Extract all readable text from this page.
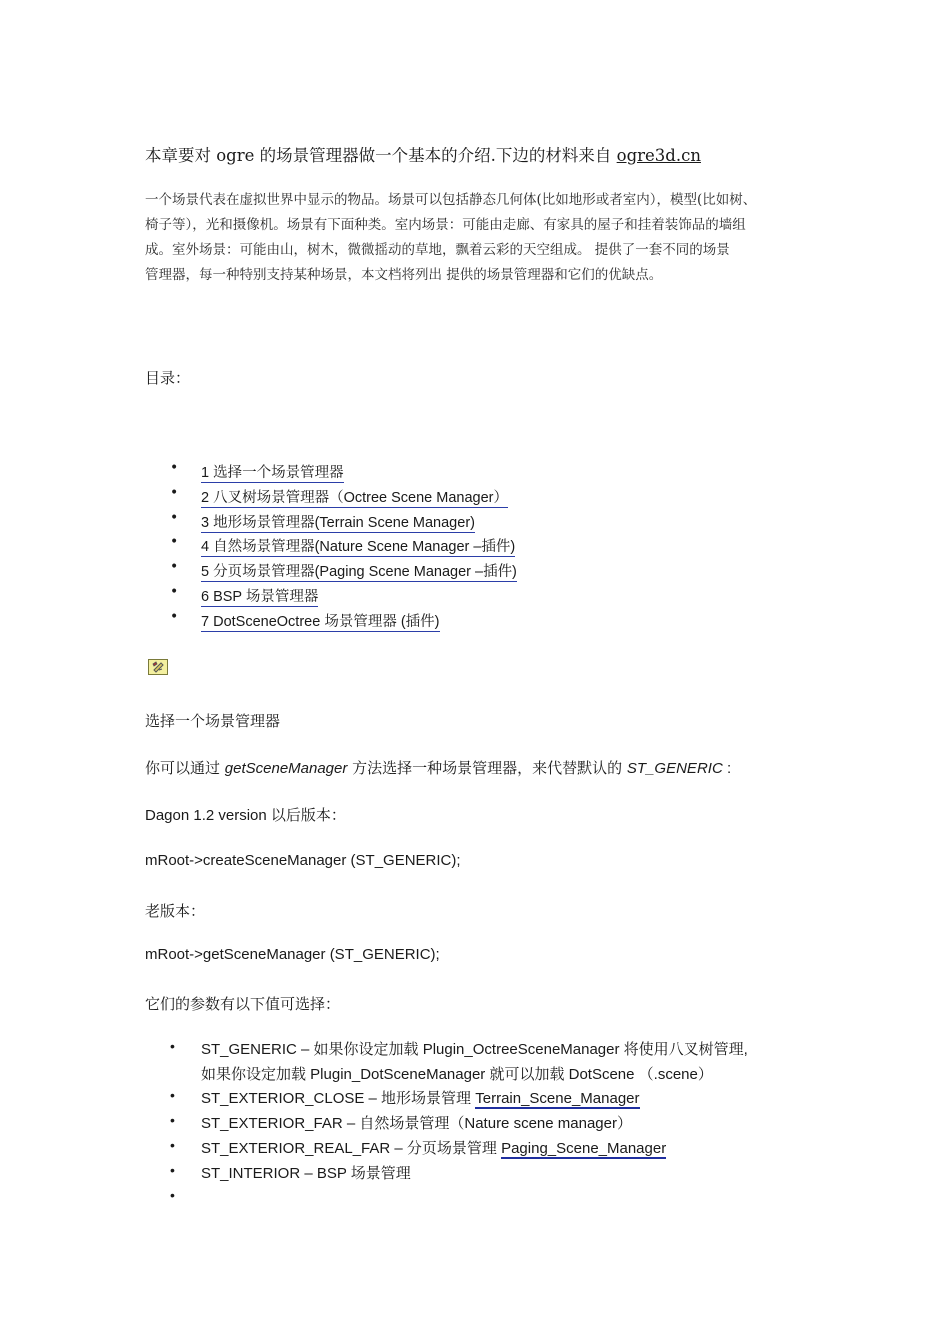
本章要对 ogre 的场景管理器做一个基本的介绍.下边的材料来自 ogre3d.cn
一个场景代表在虚拟世界中显示的物品。场景可以包括静态几何体(比如地形或者室内），模型(比如树、
椅子等），光和摄像机。场景有下面种类。室内场景：可能由走廊、有家具的屋子和挂着装饰品的墙组
成。室外场景：可能由山，树木，微微摇动的草地，飘着云彩的天空组成。 提供了一套不同的场景
管理器，每一种特别支持某种场景，本文档将列出 提供的场景管理器和它们的优缺点。
目录：
• 1 选择一个场景管理器
• 2 八叉树场景管理器（Octree Scene Manager）
• 3 地形场景管理器(Terrain Scene Manager)
• 4 自然场景管理器(Nature Scene Manager –插件)
• 5 分页场景管理器(Paging Scene Manager –插件)
• 6 BSP 场景管理器
• 7 DotSceneOctree 场景管理器 (插件)
选择一个场景管理器
你可以通过 getSceneManager 方法选择一种场景管理器，来代替默认的 ST_GENERIC :
Dagon 1.2 version 以后版本：
mRoot->createSceneManager (ST_GENERIC);
老版本：
mRoot->getSceneManager (ST_GENERIC);
它们的参数有以下值可选择：
• ST_GENERIC – 如果你设定加载 Plugin_OctreeSceneManager 将使用八叉树管理,
如果你设定加载 Plugin_DotSceneManager 就可以加载 DotScene （.scene）
• ST_EXTERIOR_CLOSE – 地形场景管理 Terrain_Scene_Manager
• ST_EXTERIOR_FAR – 自然场景管理（Nature scene manager）
• ST_EXTERIOR_REAL_FAR – 分页场景管理 Paging_Scene_Manager
• ST_INTERIOR – BSP 场景管理
•
